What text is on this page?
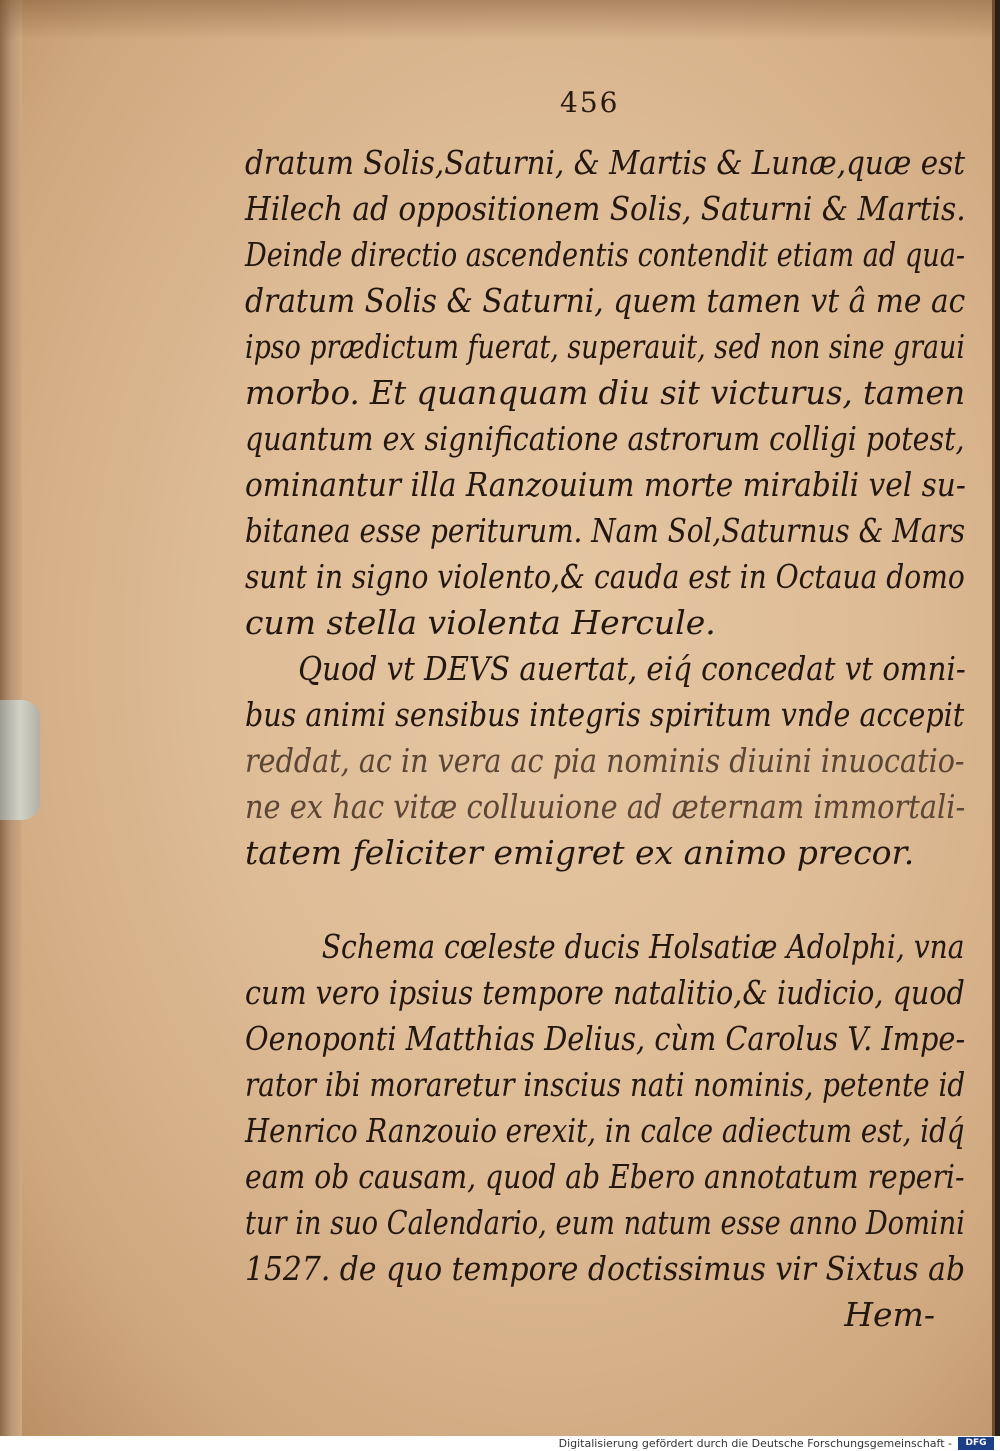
456
dratum Solis,Saturni, & Martis & Lunæ,quæ est
Hilech ad oppositionem Solis, Saturni & Martis.
Deinde directio ascendentis contendit etiam ad qua-
dratum Solis & Saturni, quem tamen vt â me ac
ipso prædictum fuerat, superauit, sed non sine graui
morbo. Et quanquam diu sit victurus, tamen
quantum ex significatione astrorum colligi potest,
ominantur illa Ranzouium morte mirabili vel su-
bitanea esse periturum. Nam Sol,Saturnus & Mars
sunt in signo violento,& cauda est in Octaua domo
cum stella violenta Hercule.
Quod vt DEVS auertat, eiq́ concedat vt omni-
bus animi sensibus integris spiritum vnde accepit
reddat, ac in vera ac pia nominis diuini inuocatio-
ne ex hac vitæ colluuione ad æternam immortali-
tatem feliciter emigret ex animo precor.
Schema cœleste ducis Holsatiæ Adolphi, vna
cum vero ipsius tempore natalitio,& iudicio, quod
Oenoponti Matthias Delius, cùm Carolus V. Impe-
rator ibi moraretur inscius nati nominis, petente id
Henrico Ranzouio erexit, in calce adiectum est, idq́
eam ob causam, quod ab Ebero annotatum reperi-
tur in suo Calendario, eum natum esse anno Domini
1527. de quo tempore doctissimus vir Sixtus ab
Hem-
Digitalisierung gefördert durch die Deutsche Forschungsgemeinschaft -	DFG
